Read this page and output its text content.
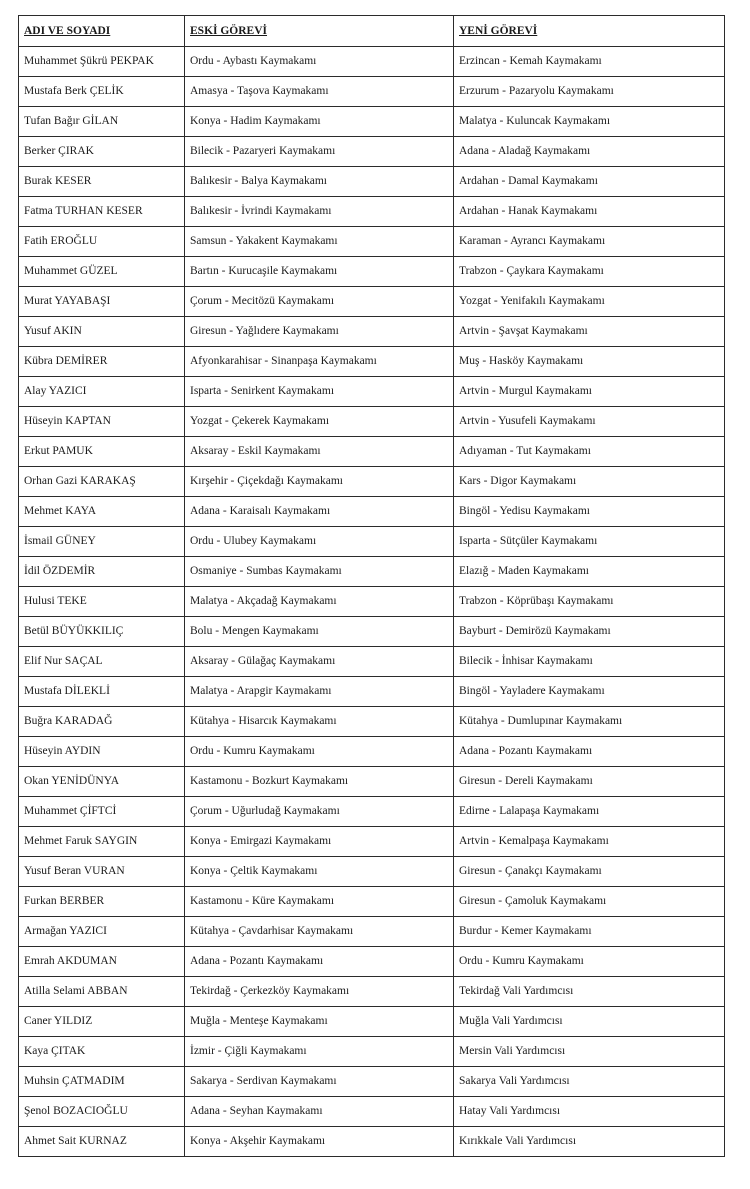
ADI VE SOYADI	ESKİ GÖREVİ	YENİ GÖREVİ
Muhammet Şükrü PEKPAK	Ordu - Aybastı Kaymakamı	Erzincan - Kemah Kaymakamı
Mustafa Berk ÇELİK	Amasya - Taşova Kaymakamı	Erzurum - Pazaryolu Kaymakamı
Tufan Bağır GİLAN	Konya - Hadim Kaymakamı	Malatya - Kuluncak Kaymakamı
Berker ÇIRAK	Bilecik - Pazaryeri Kaymakamı	Adana - Aladağ Kaymakamı
Burak KESER	Balıkesir - Balya Kaymakamı	Ardahan - Damal Kaymakamı
Fatma TURHAN KESER	Balıkesir - İvrindi Kaymakamı	Ardahan - Hanak Kaymakamı
Fatih EROĞLU	Samsun - Yakakent Kaymakamı	Karaman - Ayrancı Kaymakamı
Muhammet GÜZEL	Bartın - Kurucaşile Kaymakamı	Trabzon - Çaykara Kaymakamı
Murat YAYABAŞI	Çorum - Mecitözü Kaymakamı	Yozgat - Yenifakılı Kaymakamı
Yusuf AKIN	Giresun - Yağlıdere Kaymakamı	Artvin - Şavşat Kaymakamı
Kübra DEMİRER	Afyonkarahisar - Sinanpaşa Kaymakamı	Muş - Hasköy Kaymakamı
Alay YAZICI	Isparta - Senirkent Kaymakamı	Artvin - Murgul Kaymakamı
Hüseyin KAPTAN	Yozgat - Çekerek Kaymakamı	Artvin - Yusufeli Kaymakamı
Erkut PAMUK	Aksaray - Eskil Kaymakamı	Adıyaman - Tut Kaymakamı
Orhan Gazi KARAKAŞ	Kırşehir - Çiçekdağı Kaymakamı	Kars - Digor Kaymakamı
Mehmet KAYA	Adana - Karaisalı Kaymakamı	Bingöl - Yedisu Kaymakamı
İsmail GÜNEY	Ordu - Ulubey Kaymakamı	Isparta - Sütçüler Kaymakamı
İdil ÖZDEMİR	Osmaniye - Sumbas Kaymakamı	Elazığ - Maden Kaymakamı
Hulusi TEKE	Malatya - Akçadağ Kaymakamı	Trabzon - Köprübaşı Kaymakamı
Betül BÜYÜKKILIÇ	Bolu - Mengen Kaymakamı	Bayburt - Demirözü Kaymakamı
Elif Nur SAÇAL	Aksaray - Gülağaç Kaymakamı	Bilecik - İnhisar Kaymakamı
Mustafa DİLEKLİ	Malatya - Arapgir Kaymakamı	Bingöl - Yayladere Kaymakamı
Buğra KARADAĞ	Kütahya - Hisarcık Kaymakamı	Kütahya - Dumlupınar Kaymakamı
Hüseyin AYDIN	Ordu - Kumru Kaymakamı	Adana - Pozantı Kaymakamı
Okan YENİDÜNYA	Kastamonu - Bozkurt Kaymakamı	Giresun - Dereli Kaymakamı
Muhammet ÇİFTCİ	Çorum - Uğurludağ Kaymakamı	Edirne - Lalapaşa Kaymakamı
Mehmet Faruk SAYGIN	Konya - Emirgazi Kaymakamı	Artvin - Kemalpaşa Kaymakamı
Yusuf Beran VURAN	Konya - Çeltik Kaymakamı	Giresun - Çanakçı Kaymakamı
Furkan BERBER	Kastamonu - Küre Kaymakamı	Giresun - Çamoluk Kaymakamı
Armağan YAZICI	Kütahya - Çavdarhisar Kaymakamı	Burdur - Kemer Kaymakamı
Emrah AKDUMAN	Adana - Pozantı Kaymakamı	Ordu - Kumru Kaymakamı
Atilla Selami ABBAN	Tekirdağ - Çerkezköy Kaymakamı	Tekirdağ Vali Yardımcısı
Caner YILDIZ	Muğla - Menteşe Kaymakamı	Muğla Vali Yardımcısı
Kaya ÇITAK	İzmir - Çiğli Kaymakamı	Mersin Vali Yardımcısı
Muhsin ÇATMADIM	Sakarya - Serdivan Kaymakamı	Sakarya Vali Yardımcısı
Şenol BOZACIOĞLU	Adana - Seyhan Kaymakamı	Hatay Vali Yardımcısı
Ahmet Sait KURNAZ	Konya - Akşehir Kaymakamı	Kırıkkale Vali Yardımcısı
